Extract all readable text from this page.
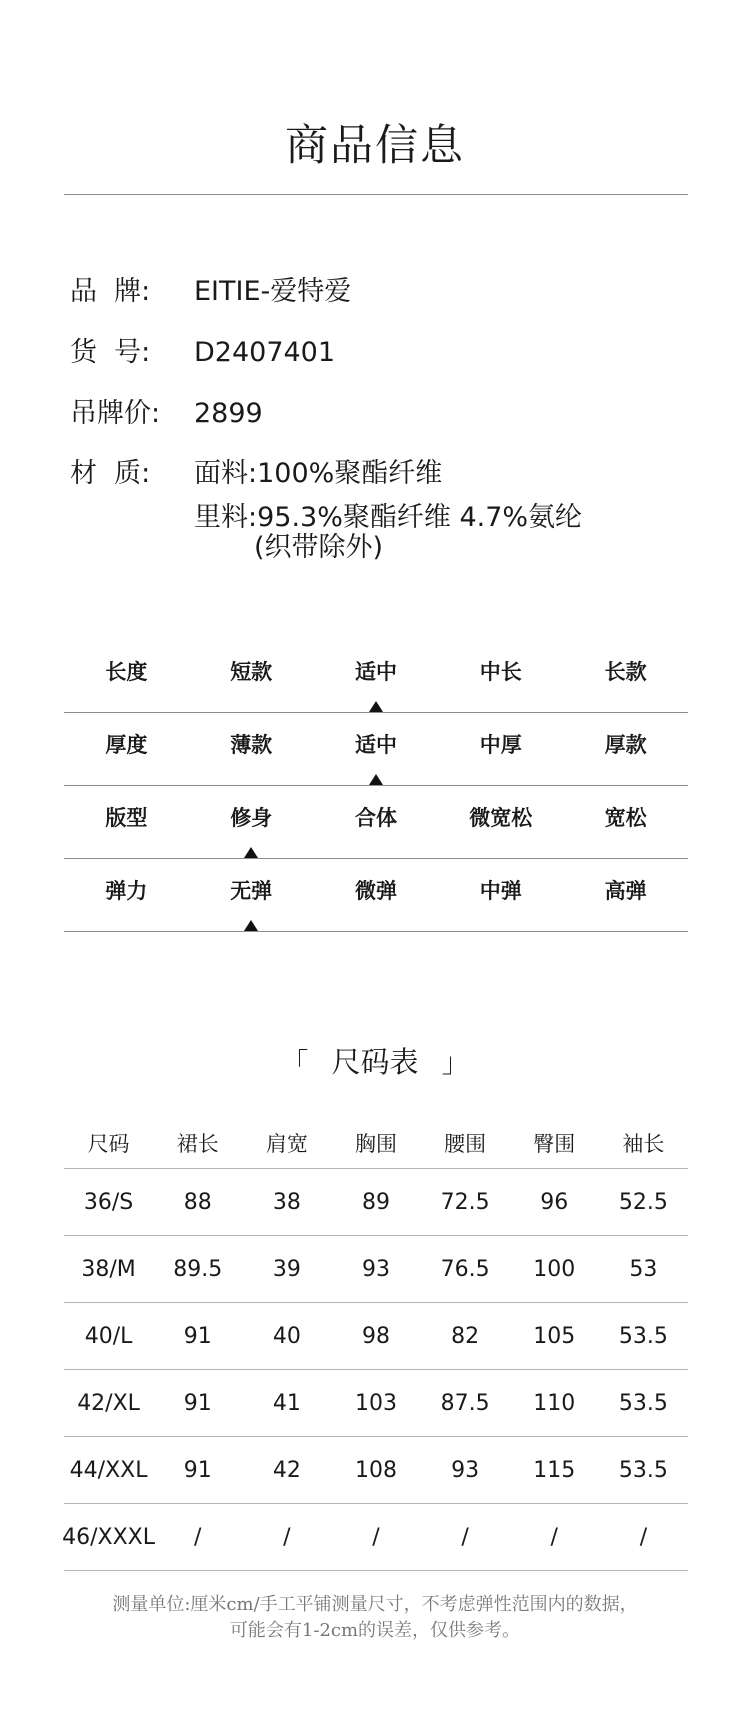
商品信息
品  牌: EITIE-爱特爱
货  号: D2407401
吊牌价: 2899
材  质: 面料:100%聚酯纤维
里料:95.3%聚酯纤维 4.7%氨纶
(织带除外)
长度	短款	适中	中长	长款
厚度	薄款	适中	中厚	厚款
版型	修身	合体	微宽松	宽松
弹力	无弹	微弹	中弹	高弹
「 尺码表 」
尺码	裙长	肩宽	胸围	腰围	臀围	袖长
36/S	88	38	89	72.5	96	52.5
38/M	89.5	39	93	76.5	100	53
40/L	91	40	98	82	105	53.5
42/XL	91	41	103	87.5	110	53.5
44/XXL	91	42	108	93	115	53.5
46/XXXL	/	/	/	/	/	/
测量单位:厘米cm/手工平铺测量尺寸，不考虑弹性范围内的数据，
可能会有1-2cm的误差，仅供参考。
